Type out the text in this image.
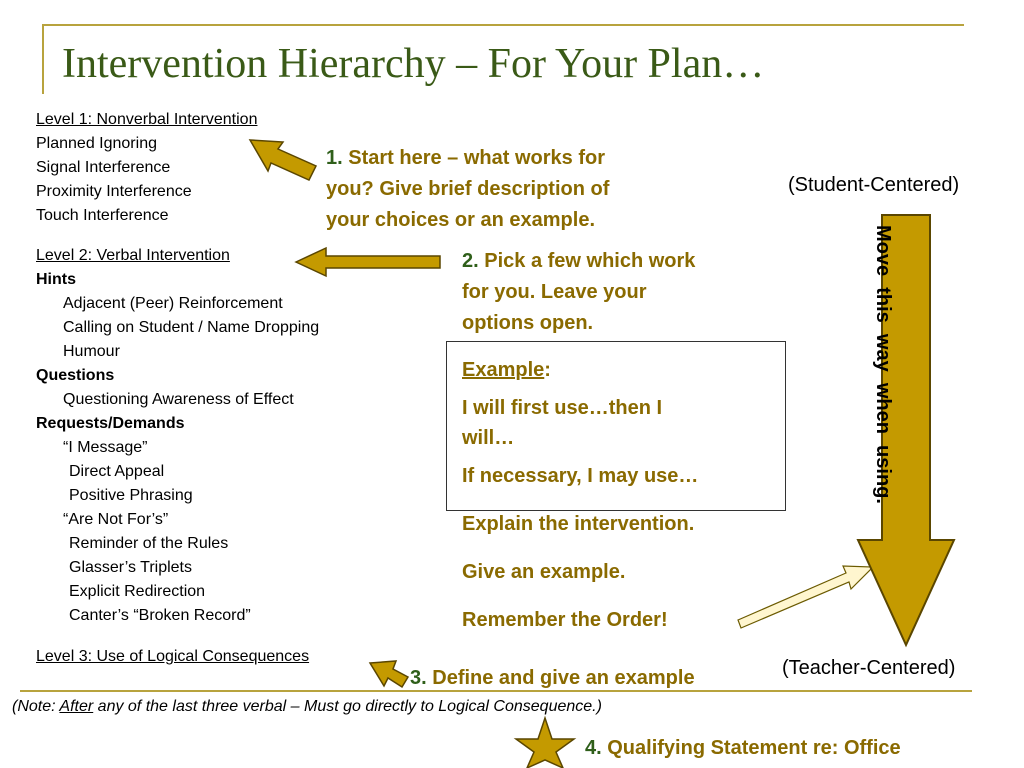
Intervention Hierarchy – For Your Plan…
Level 1: Nonverbal Intervention
Planned Ignoring
Signal Interference
Proximity Interference
Touch Interference
Level 2: Verbal Intervention
Hints
Adjacent (Peer) Reinforcement
Calling on Student / Name Dropping
Humour
Questions
Questioning Awareness of Effect
Requests/Demands
“I Message”
Direct Appeal
Positive Phrasing
“Are Not For’s”
Reminder of the Rules
Glasser’s Triplets
Explicit Redirection
Canter’s “Broken Record”
Level 3: Use of Logical Consequences
1. Start here – what works for
you? Give brief description of
your choices or an example.
2. Pick a few which work
for you. Leave your
options open.
Example:
I will first use…then I
will…
If necessary, I may use…
Explain the intervention.
Give an example.
Remember the Order!
3. Define and give an example
4. Qualifying Statement re: Office
(Student-Centered)
(Teacher-Centered)
(Note: After any of the last three verbal – Must go directly to Logical Consequence.)
Move  this  way  when  using.
